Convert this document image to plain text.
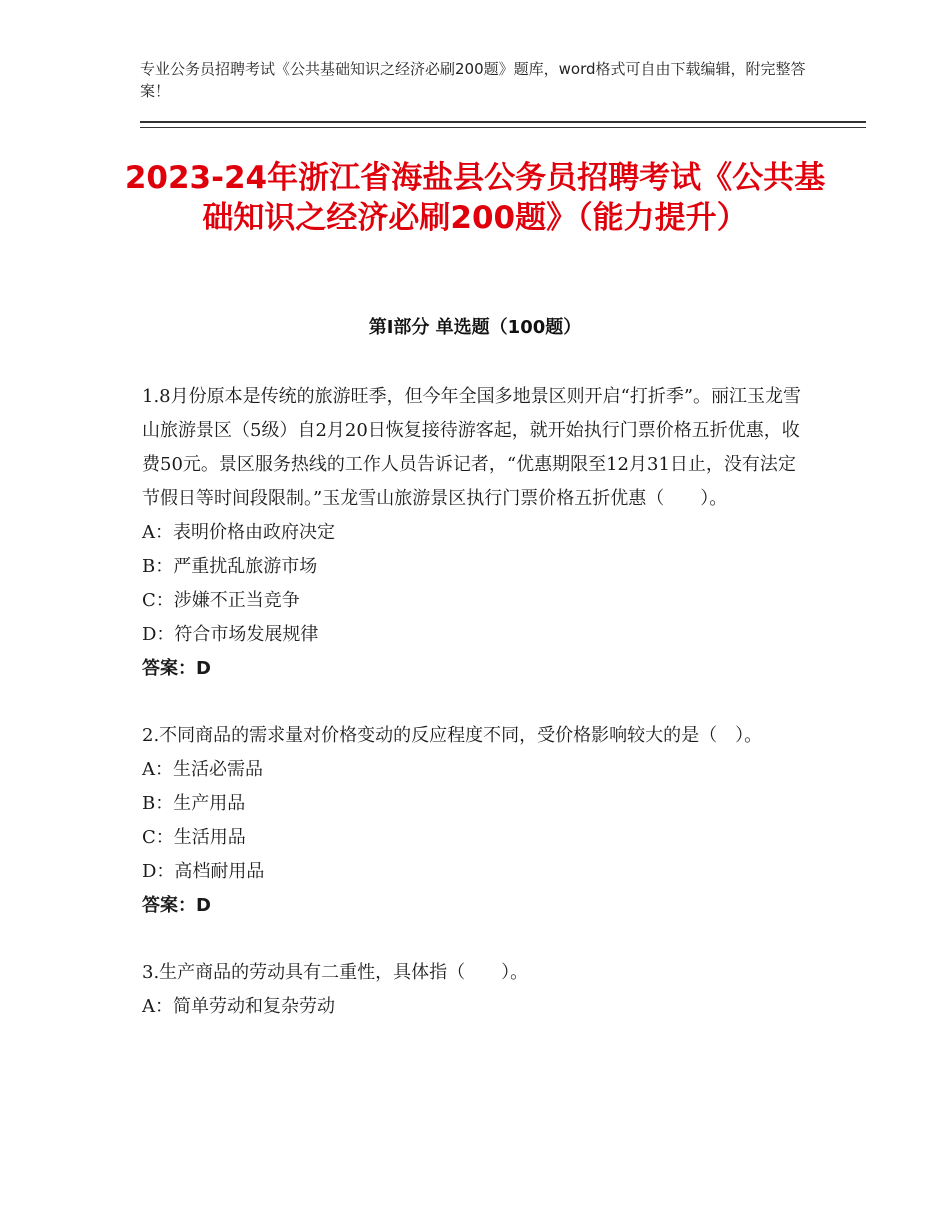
专业公务员招聘考试《公共基础知识之经济必刷200题》题库，word格式可自由下载编辑，附完整答案！
2023-24年浙江省海盐县公务员招聘考试《公共基础知识之经济必刷200题》（能力提升）
第Ⅰ部分 单选题（100题）

1.8月份原本是传统的旅游旺季，但今年全国多地景区则开启“打折季”。丽江玉龙雪山旅游景区（5级）自2月20日恢复接待游客起，就开始执行门票价格五折优惠，收费50元。景区服务热线的工作人员告诉记者，“优惠期限至12月31日止，没有法定节假日等时间段限制。”玉龙雪山旅游景区执行门票价格五折优惠（　　）。

A：表明价格由政府决定

B：严重扰乱旅游市场

C：涉嫌不正当竞争

D：符合市场发展规律

答案：D

2.不同商品的需求量对价格变动的反应程度不同，受价格影响较大的是（　）。

A：生活必需品

B：生产用品

C：生活用品

D：高档耐用品

答案：D

3.生产商品的劳动具有二重性，具体指（　　）。

A：简单劳动和复杂劳动
